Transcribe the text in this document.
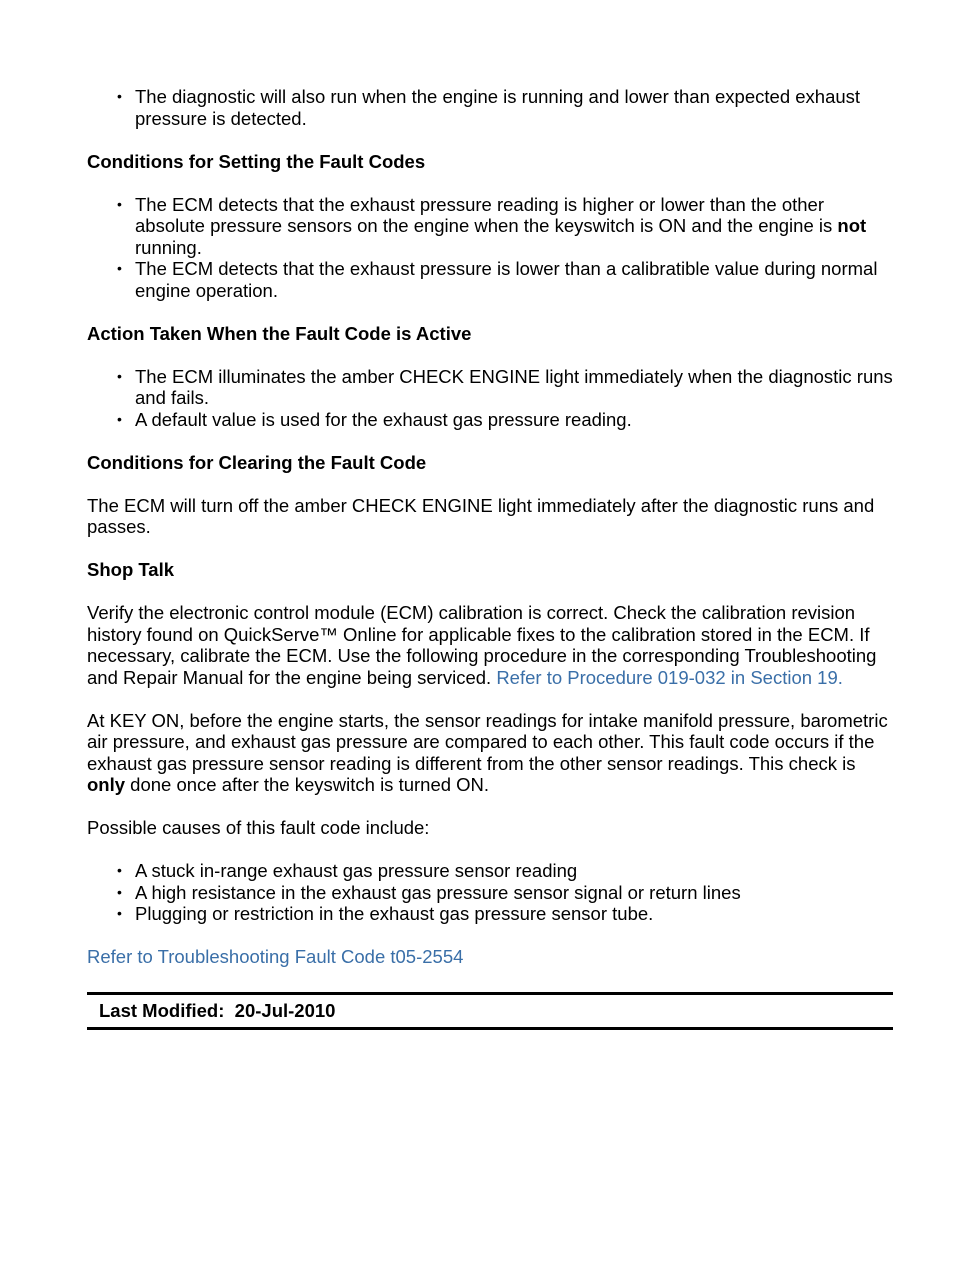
• The diagnostic will also run when the engine is running and lower than expected exhaust pressure is detected.

Conditions for Setting the Fault Codes

• The ECM detects that the exhaust pressure reading is higher or lower than the other absolute pressure sensors on the engine when the keyswitch is ON and the engine is not running.
• The ECM detects that the exhaust pressure is lower than a calibratible value during normal engine operation.

Action Taken When the Fault Code is Active

• The ECM illuminates the amber CHECK ENGINE light immediately when the diagnostic runs and fails.
• A default value is used for the exhaust gas pressure reading.

Conditions for Clearing the Fault Code

The ECM will turn off the amber CHECK ENGINE light immediately after the diagnostic runs and passes.

Shop Talk

Verify the electronic control module (ECM) calibration is correct. Check the calibration revision history found on QuickServe™ Online for applicable fixes to the calibration stored in the ECM. If necessary, calibrate the ECM. Use the following procedure in the corresponding Troubleshooting and Repair Manual for the engine being serviced. Refer to Procedure 019-032 in Section 19.

At KEY ON, before the engine starts, the sensor readings for intake manifold pressure, barometric air pressure, and exhaust gas pressure are compared to each other. This fault code occurs if the exhaust gas pressure sensor reading is different from the other sensor readings. This check is only done once after the keyswitch is turned ON.

Possible causes of this fault code include:

• A stuck in-range exhaust gas pressure sensor reading
• A high resistance in the exhaust gas pressure sensor signal or return lines
• Plugging or restriction in the exhaust gas pressure sensor tube.

Refer to Troubleshooting Fault Code t05-2554

Last Modified: 20-Jul-2010
